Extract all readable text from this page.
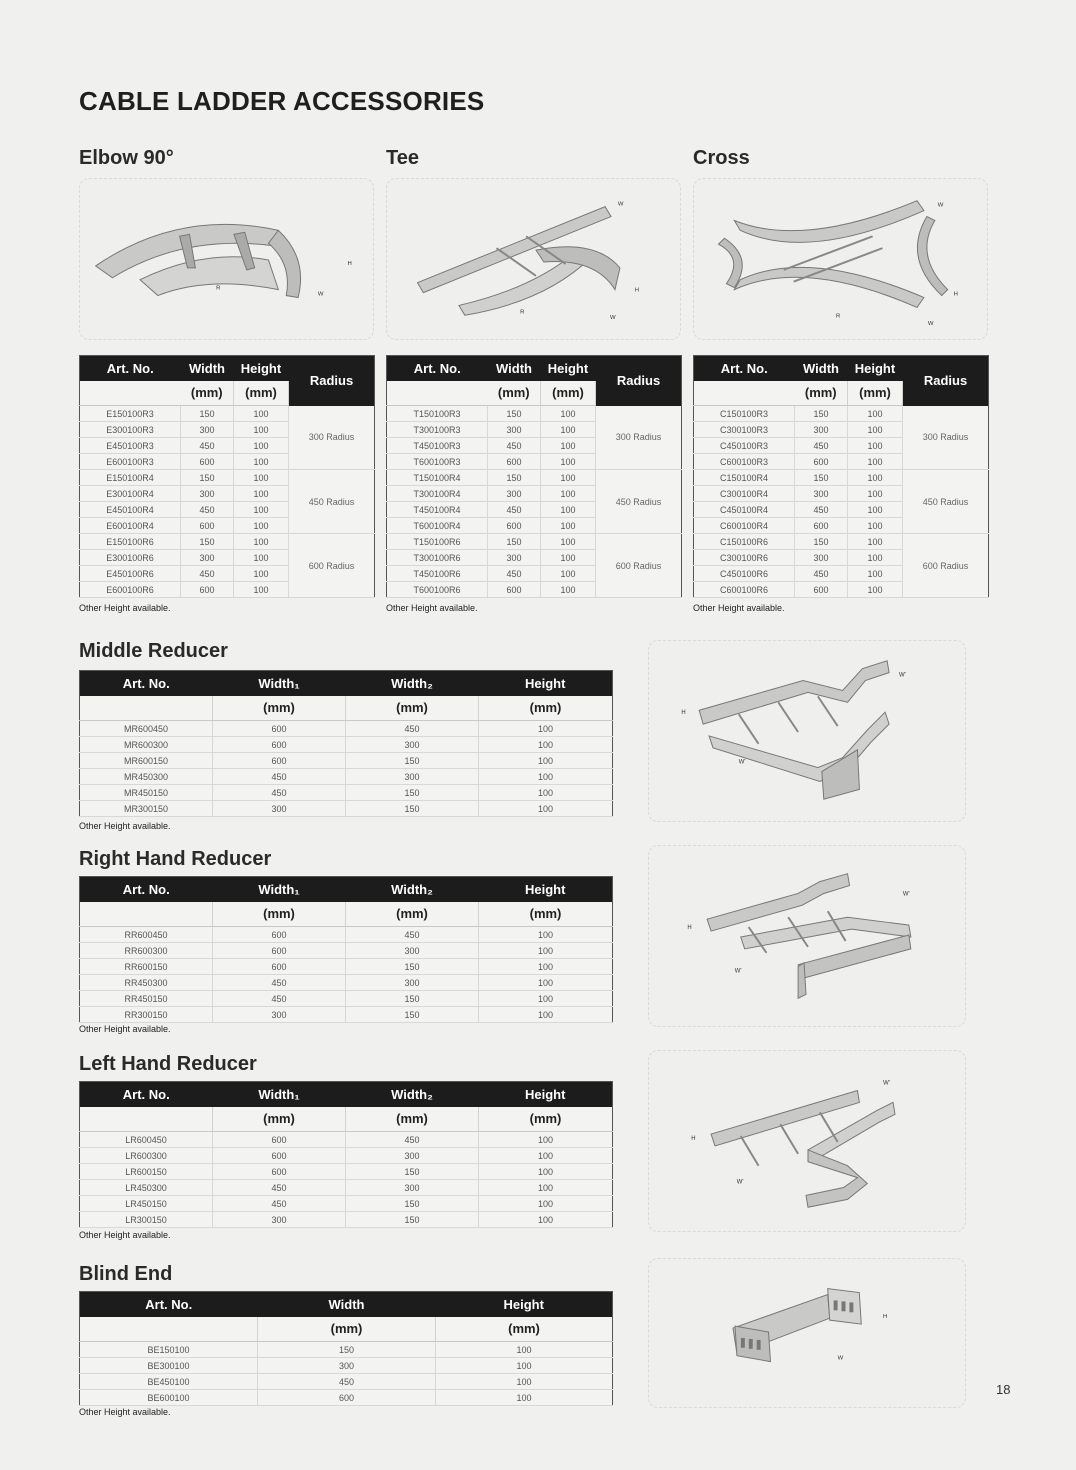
CABLE LADDER ACCESSORIES
Elbow 90°	Tee	Cross
Middle Reducer
Right Hand Reducer
Left Hand Reducer
Blind End
H
W
R
W
H
W
R
W
H
W
R
Art. No.	Width	Height	Radius
	(mm)	(mm)	
E150100R3	150	100	300 Radius
E300100R3	300	100	
E450100R3	450	100	
E600100R3	600	100	
E150100R4	150	100	450 Radius
E300100R4	300	100	
E450100R4	450	100	
E600100R4	600	100	
E150100R6	150	100	600 Radius
E300100R6	300	100	
E450100R6	450	100	
E600100R6	600	100	
Art. No.	Width	Height	Radius
	(mm)	(mm)	
T150100R3	150	100	300 Radius
T300100R3	300	100	
T450100R3	450	100	
T600100R3	600	100	
T150100R4	150	100	450 Radius
T300100R4	300	100	
T450100R4	450	100	
T600100R4	600	100	
T150100R6	150	100	600 Radius
T300100R6	300	100	
T450100R6	450	100	
T600100R6	600	100	
Art. No.	Width	Height	Radius
	(mm)	(mm)	
C150100R3	150	100	300 Radius
C300100R3	300	100	
C450100R3	450	100	
C600100R3	600	100	
C150100R4	150	100	450 Radius
C300100R4	300	100	
C450100R4	450	100	
C600100R4	600	100	
C150100R6	150	100	600 Radius
C300100R6	300	100	
C450100R6	450	100	
C600100R6	600	100	
Other Height available.	Other Height available.	Other Height available.
Art. No.	Width₁	Width₂	Height
	(mm)	(mm)	(mm)
MR600450	600	450	100
MR600300	600	300	100
MR600150	600	150	100
MR450300	450	300	100
MR450150	450	150	100
MR300150	300	150	100
Other Height available.
W'
H
W'
Art. No.	Width₁	Width₂	Height
	(mm)	(mm)	(mm)
RR600450	600	450	100
RR600300	600	300	100
RR600150	600	150	100
RR450300	450	300	100
RR450150	450	150	100
RR300150	300	150	100
Other Height available.
W'
H
W'
Art. No.	Width₁	Width₂	Height
	(mm)	(mm)	(mm)
LR600450	600	450	100
LR600300	600	300	100
LR600150	600	150	100
LR450300	450	300	100
LR450150	450	150	100
LR300150	300	150	100
Other Height available.
W'
H
W'
Art. No.	Width	Height
	(mm)	(mm)
BE150100	150	100
BE300100	300	100
BE450100	450	100
BE600100	600	100
Other Height available.
H
W
18
